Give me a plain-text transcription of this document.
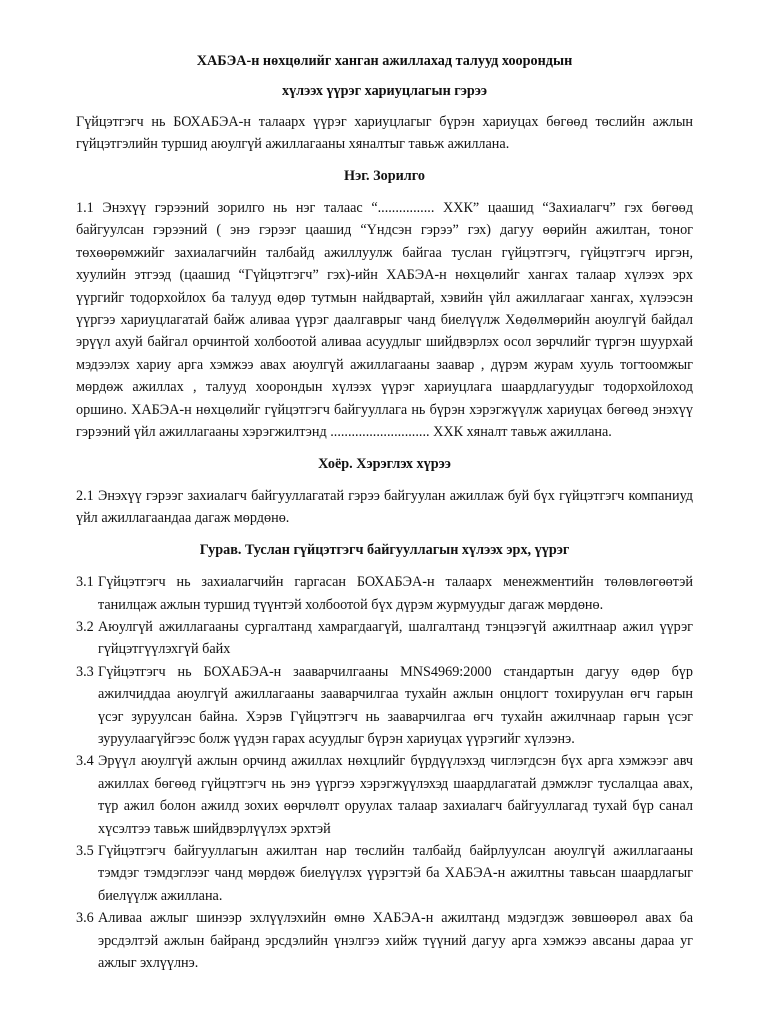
ХАБЭА-н нөхцөлийг ханган ажиллахад талууд хоорондын

хүлээх үүрэг хариуцлагын гэрээ

Гүйцэтгэгч нь БОХАБЭА-н талаарх үүрэг хариуцлагыг бүрэн хариуцах бөгөөд төслийн ажлын гүйцэтгэлийн туршид аюулгүй ажиллагааны хяналтыг тавьж ажиллана.

Нэг. Зорилго

1.1 Энэхүү гэрээний зорилго нь нэг талаас “................ ХХК” цаашид “Захиалагч” гэх бөгөөд байгуулсан гэрээний ( энэ гэрээг цаашид “Үндсэн гэрээ” гэх) дагуу өөрийн ажилтан, тоног төхөөрөмжийг захиалагчийн талбайд ажиллуулж байгаа туслан гүйцэтгэгч, гүйцэтгэгч иргэн, хуулийн этгээд (цаашид “Гүйцэтгэгч” гэх)-ийн ХАБЭА-н нөхцөлийг хангах талаар хүлээх эрх үүргийг тодорхойлох ба талууд өдөр тутмын найдвартай, хэвийн үйл ажиллагааг хангах, хүлээсэн үүргээ хариуцлагатай байж аливаа үүрэг даалгаврыг чанд биелүүлж Хөдөлмөрийн аюулгүй байдал эрүүл ахуй байгал орчинтой холбоотой аливаа асуудлыг шийдвэрлэх осол зөрчлийг түргэн шуурхай мэдээлэх хариу арга хэмжээ авах аюулгүй ажиллагааны заавар , дүрэм журам хууль тогтоомжыг мөрдөж ажиллах , талууд хоорондын хүлээх үүрэг хариуцлага шаардлагуудыг тодорхойлоход оршино. ХАБЭА-н нөхцөлийг гүйцэтгэгч байгууллага нь бүрэн хэрэгжүүлж хариуцах бөгөөд энэхүү гэрээний үйл ажиллагааны хэрэгжилтэнд ............................ ХХК хяналт тавьж ажиллана.

Хоёр. Хэрэглэх хүрээ

2.1 Энэхүү гэрээг захиалагч байгууллагатай гэрээ байгуулан ажиллаж буй бүх гүйцэтгэгч компаниуд үйл ажиллагаандаа дагаж мөрдөнө.

Гурав. Туслан гүйцэтгэгч байгууллагын хүлээх эрх, үүрэг

3.1 Гүйцэтгэгч нь захиалагчийн гаргасан БОХАБЭА-н талаарх менежментийн төлөвлөгөөтэй танилцаж ажлын туршид түүнтэй холбоотой бүх дүрэм журмуудыг дагаж мөрдөнө.
3.2 Аюулгүй ажиллагааны сургалтанд хамрагдаагүй, шалгалтанд тэнцээгүй ажилтнаар ажил үүрэг гүйцэтгүүлэхгүй байх
3.3 Гүйцэтгэгч нь БОХАБЭА-н зааварчилгааны MNS4969:2000 стандартын дагуу өдөр бүр ажилчиддаа аюулгүй ажиллагааны зааварчилгаа тухайн ажлын онцлогт тохируулан өгч гарын үсэг зуруулсан байна. Хэрэв Гүйцэтгэгч нь зааварчилгаа өгч тухайн ажилчнаар гарын үсэг зуруулаагүйгээс болж үүдэн гарах асуудлыг бүрэн хариуцах үүрэгийг хүлээнэ.
3.4 Эрүүл аюулгүй ажлын орчинд ажиллах нөхцлийг бүрдүүлэхэд чиглэгдсэн бүх арга хэмжээг авч ажиллах бөгөөд гүйцэтгэгч нь энэ үүргээ хэрэгжүүлэхэд шаардлагатай дэмжлэг туслалцаа авах, түр ажил болон ажилд зохих өөрчлөлт оруулах талаар захиалагч байгууллагад тухай бүр санал хүсэлтээ тавьж шийдвэрлүүлэх эрхтэй
3.5 Гүйцэтгэгч байгууллагын ажилтан нар төслийн талбайд байрлуулсан аюулгүй ажиллагааны тэмдэг тэмдэглээг чанд мөрдөж биелүүлэх үүрэгтэй ба ХАБЭА-н ажилтны тавьсан шаардлагыг биелүүлж ажиллана.
3.6 Аливаа ажлыг шинээр эхлүүлэхийн өмнө ХАБЭА-н ажилтанд мэдэгдэж зөвшөөрөл авах ба эрсдэлтэй ажлын байранд эрсдэлийн үнэлгээ хийж түүний дагуу арга хэмжээ авсаны дараа уг ажлыг эхлүүлнэ.
